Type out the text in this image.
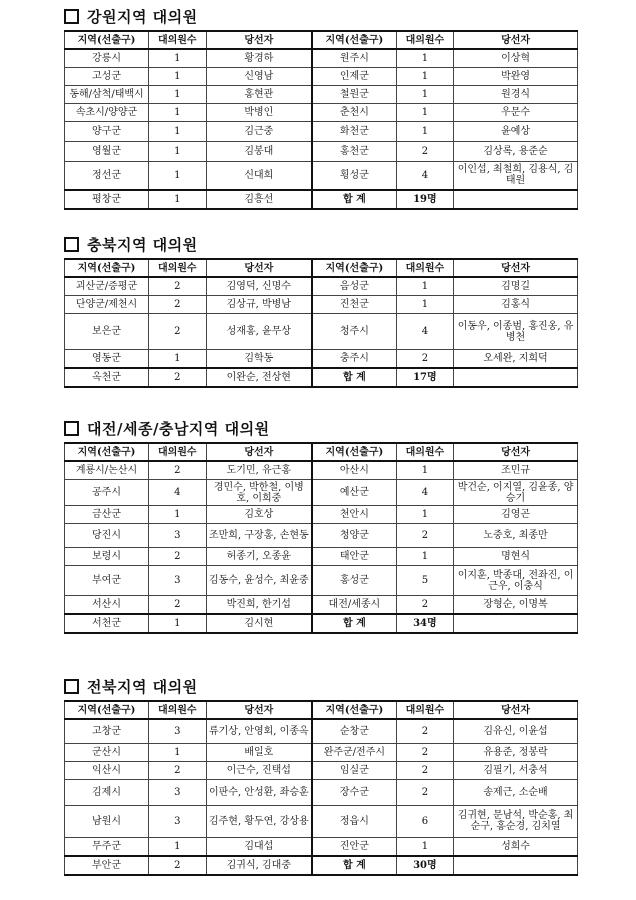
강원지역 대의원
지역(선출구)	대의원수	당선자	지역(선출구)	대의원수	당선자
강릉시	1	황경하	원주시	1	이상혁
고성군	1	신영남	인제군	1	박완영
동해/삼척/태백시	1	홍현관	철원군	1	원경식
속초시/양양군	1	박병인	춘천시	1	우문수
양구군	1	김근중	화천군	1	윤예상
영월군	1	김봉대	홍천군	2	김상록, 용준순
정선군	1	신대희	횡성군	4	이인섭, 최철희, 김용식, 김태원
평창군	1	김흥선	합 계	19명	
충북지역 대의원
지역(선출구)	대의원수	당선자	지역(선출구)	대의원수	당선자
괴산군/증평군	2	김영덕, 신명수	음성군	1	김명길
단양군/제천시	2	김상규, 박병남	진천군	1	김홍식
보은군	2	성재홍, 윤무상	청주시	4	이동우, 이종범, 홍진옹, 유병천
영동군	1	김학동	충주시	2	오세완, 지희덕
옥천군	2	이완순, 전상현	합 계	17명	
대전/세종/충남지역 대의원
지역(선출구)	대의원수	당선자	지역(선출구)	대의원수	당선자
계룡시/논산시	2	도기민, 유근홍	아산시	1	조민규
공주시	4	경민수, 박한철, 이병호, 이희중	예산군	4	박건순, 이지열, 김윤종, 양승기
금산군	1	김호상	천안시	1	김영곤
당진시	3	조만희, 구장홍, 손현동	청양군	2	노중호, 최종만
보령시	2	허종기, 오종윤	태안군	1	명현식
부여군	3	김동수, 윤성수, 최윤중	홍성군	5	이지훈, 박종대, 전좌진, 이근우, 이충식
서산시	2	박진희, 한기섭	대전/세종시	2	장형순, 이명복
서천군	1	김시현	합 계	34명	
전북지역 대의원
지역(선출구)	대의원수	당선자	지역(선출구)	대의원수	당선자
고창군	3	류기상, 안영회, 이종옥	순창군	2	김유신, 이윤섭
군산시	1	배일호	완주군/전주시	2	유용준, 정봉락
익산시	2	이근수, 진택섭	임실군	2	김필기, 서충석
김제시	3	이판수, 안성환, 좌승훈	장수군	2	송제근, 소순배
남원시	3	김주현, 황두연, 강상용	정읍시	6	김귀현, 문남석, 박순홍, 최순구, 홍순경, 김치열
무주군	1	김대섭	진안군	1	성희수
부안군	2	김귀식, 김대중	합 계	30명	
